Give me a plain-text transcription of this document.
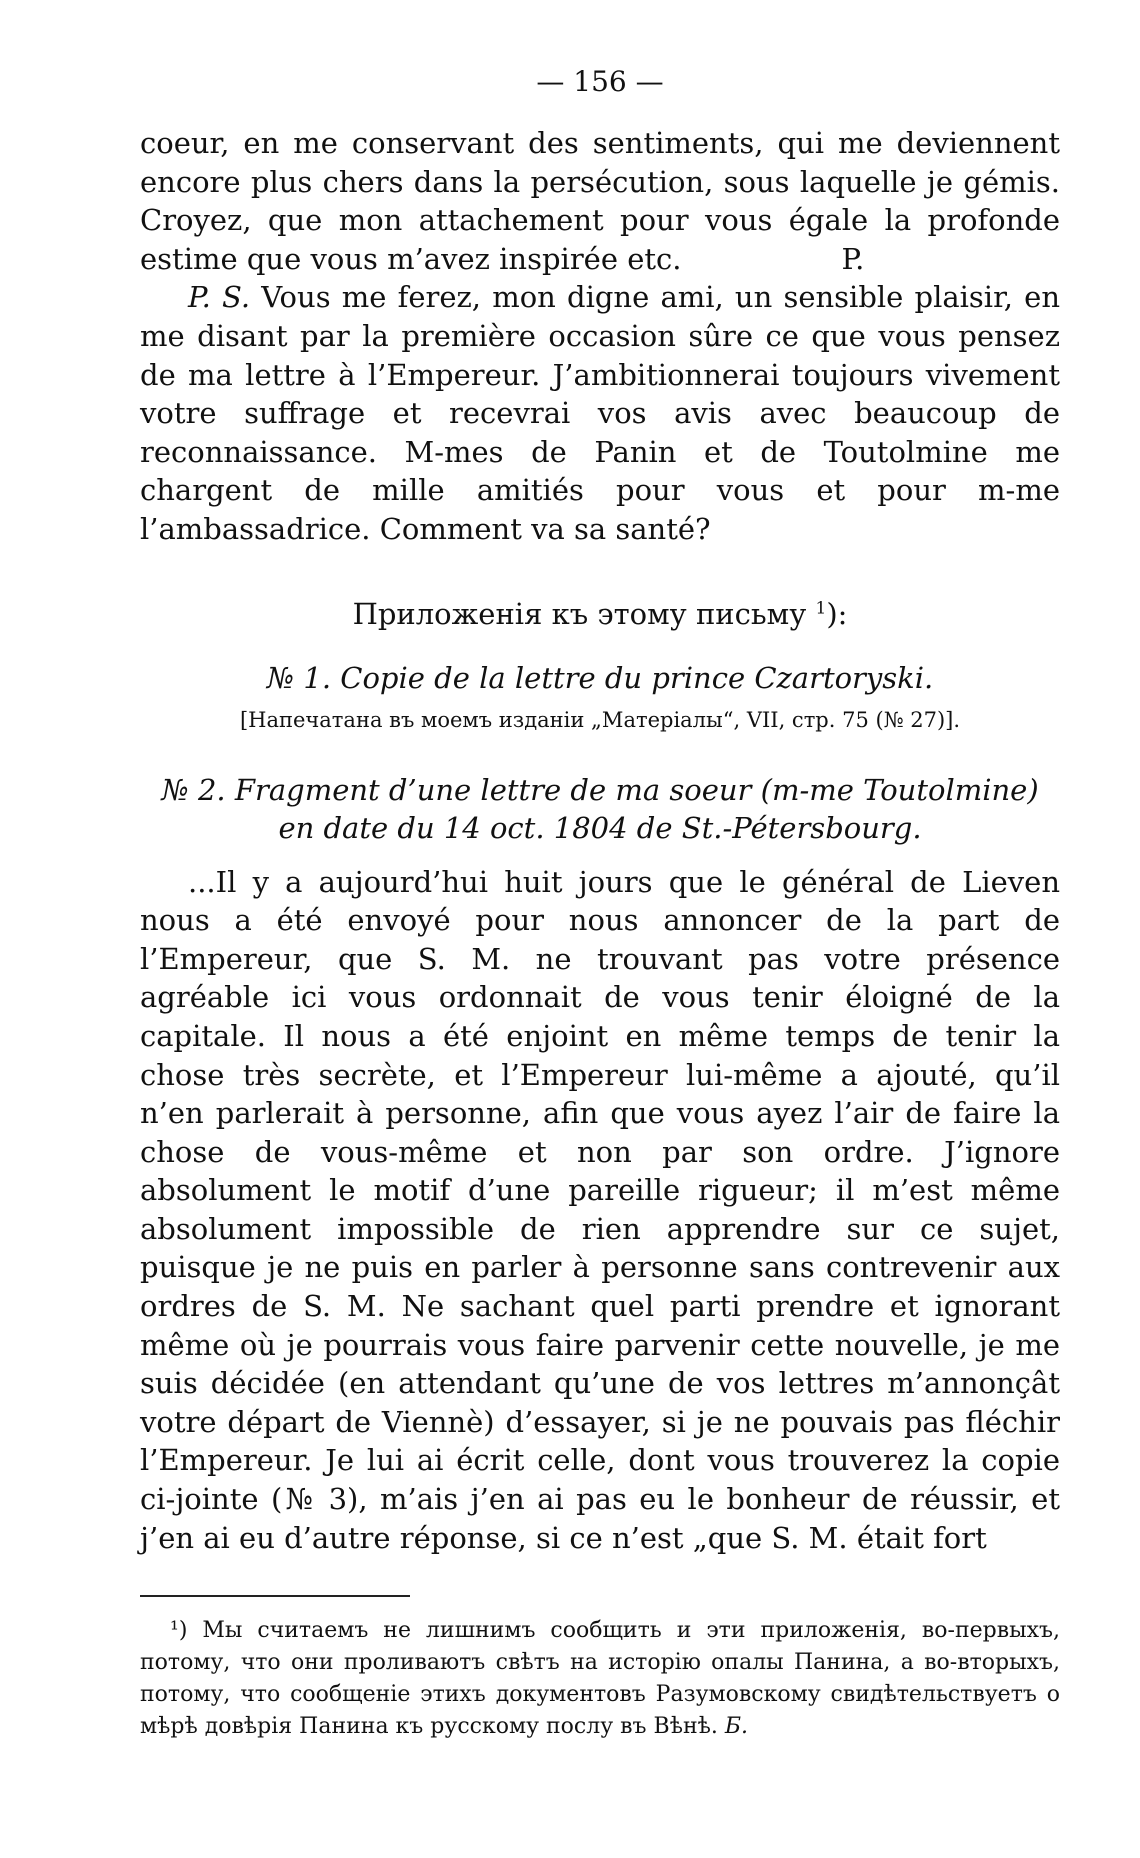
— 156 —

coeur, en me conservant des sentiments, qui me deviennent encore plus chers dans la persécution, sous laquelle je gémis. Croyez, que mon attachement pour vous égale la profonde estime que vous m’avez inspirée etc.	P.

P. S. Vous me ferez, mon digne ami, un sensible plaisir, en me disant par la première occasion sûre ce que vous pensez de ma lettre à l’Empereur. J’ambitionnerai toujours vivement votre suffrage et recevrai vos avis avec beaucoup de reconnaissance. M-mes de Panin et de Toutolmine me chargent de mille amitiés pour vous et pour m-me l’ambassadrice. Comment va sa santé?

Приложенія къ этому письму $^1$):

№ 1. Copie de la lettre du prince Czartoryski.

[Напечатана въ моемъ изданіи „Матеріалы“, VII, стр. 75 (№ 27)].

№ 2. Fragment d’une lettre de ma soeur (m-me Toutolmine)
en date du 14 oct. 1804 de St.-Pétersbourg.

...Il y a aujourd’hui huit jours que le général de Lieven nous a été envoyé pour nous annoncer de la part de l’Empereur, que S. M. ne trouvant pas votre présence agréable ici vous ordonnait de vous tenir éloigné de la capitale. Il nous a été enjoint en même temps de tenir la chose très secrète, et l’Empereur lui-même a ajouté, qu’il n’en parlerait à personne, afin que vous ayez l’air de faire la chose de vous-même et non par son ordre. J’ignore absolument le motif d’une pareille rigueur; il m’est même absolument impossible de rien apprendre sur ce sujet, puisque je ne puis en parler à personne sans contrevenir aux ordres de S. M. Ne sachant quel parti prendre et ignorant même où je pourrais vous faire parvenir cette nouvelle, je me suis décidée (en attendant qu’une de vos lettres m’annonçât votre départ de Viennè) d’essayer, si je ne pouvais pas fléchir l’Empereur. Je lui ai écrit celle, dont vous trouverez la copie ci-jointe (№ 3), m’ais j’en ai pas eu le bonheur de réussir, et j’en ai eu d’autre réponse, si ce n’est „que S. M. était fort

¹) Мы считаемъ не лишнимъ сообщить и эти приложенія, во-первыхъ, потому, что они проливаютъ свѣтъ на исторію опалы Панина, а во-вторыхъ, потому, что сообщеніе этихъ документовъ Разумовскому свидѣтельствуетъ о мѣрѣ довѣрія Панина къ русскому послу въ Вѣнѣ. Б.
